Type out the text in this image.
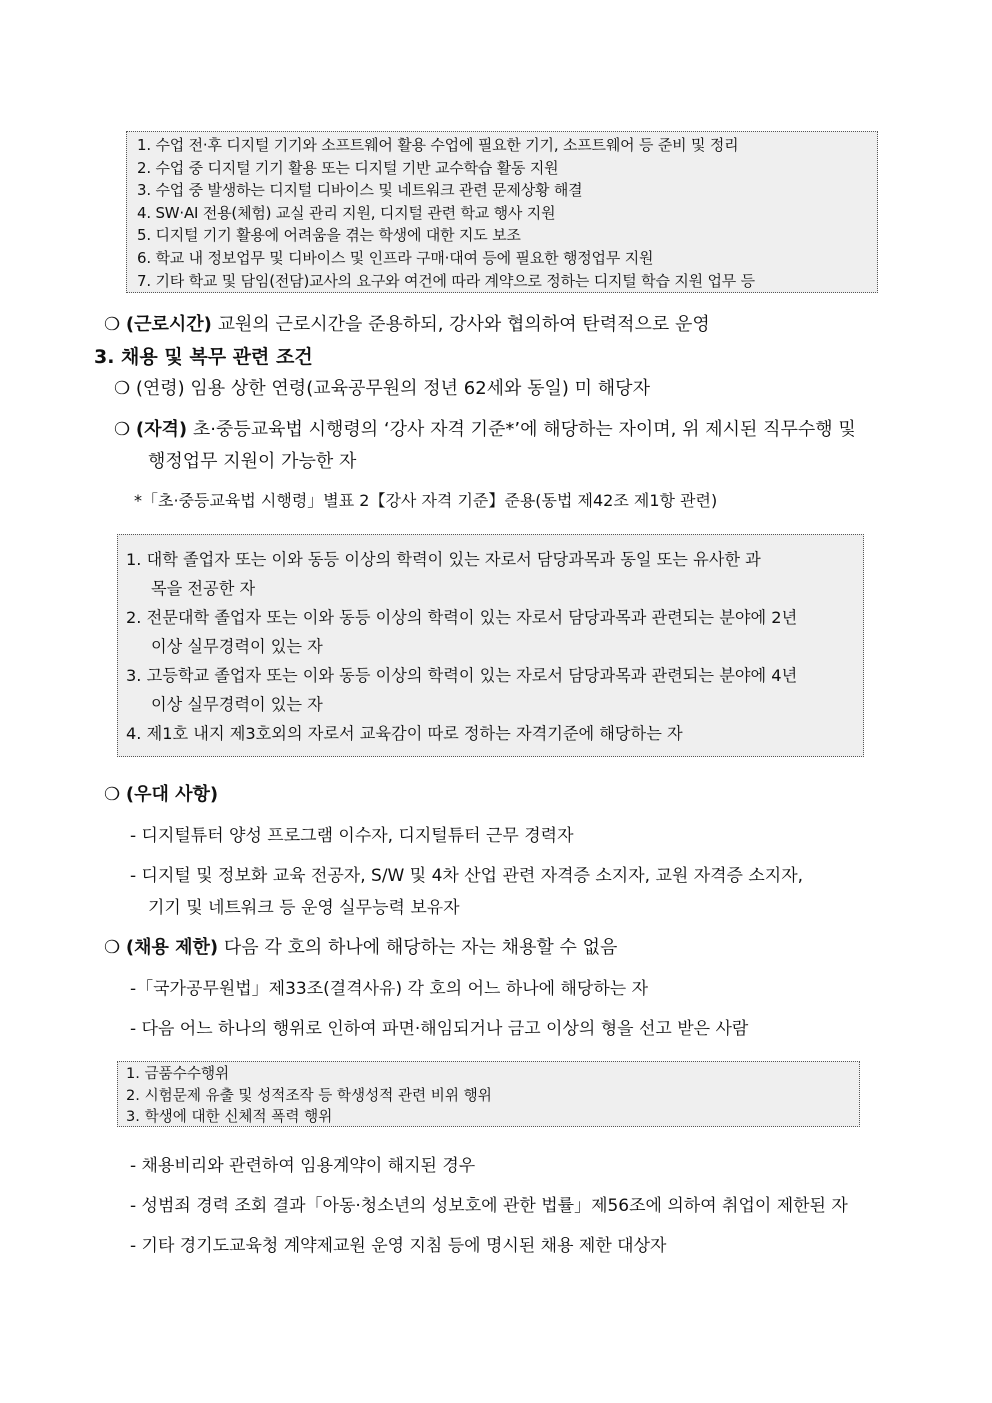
1. 수업 전·후 디지털 기기와 소프트웨어 활용 수업에 필요한 기기, 소프트웨어 등 준비 및 정리
2. 수업 중 디지털 기기 활용 또는 디지털 기반 교수학습 활동 지원
3. 수업 중 발생하는 디지털 디바이스 및 네트워크 관련 문제상황 해결
4. SW·AI 전용(체험) 교실 관리 지원, 디지털 관련 학교 행사 지원
5. 디지털 기기 활용에 어려움을 겪는 학생에 대한 지도 보조
6. 학교 내 정보업무 및 디바이스 및 인프라 구매·대여 등에 필요한 행정업무 지원
7. 기타 학교 및 담임(전담)교사의 요구와 여건에 따라 계약으로 정하는 디지털 학습 지원 업무 등
❍ (근로시간) 교원의 근로시간을 준용하되, 강사와 협의하여 탄력적으로 운영
3. 채용 및 복무 관련 조건
❍ (연령) 임용 상한 연령(교육공무원의 정년 62세와 동일) 미 해당자
❍ (자격) 초·중등교육법 시행령의 ‘강사 자격 기준*’에 해당하는 자이며, 위 제시된 직무수행 및
행정업무 지원이 가능한 자
*「초·중등교육법 시행령」별표 2【강사 자격 기준】준용(동법 제42조 제1항 관련)
1. 대학 졸업자 또는 이와 동등 이상의 학력이 있는 자로서 담당과목과 동일 또는 유사한 과
목을 전공한 자
2. 전문대학 졸업자 또는 이와 동등 이상의 학력이 있는 자로서 담당과목과 관련되는 분야에 2년
이상 실무경력이 있는 자
3. 고등학교 졸업자 또는 이와 동등 이상의 학력이 있는 자로서 담당과목과 관련되는 분야에 4년
이상 실무경력이 있는 자
4. 제1호 내지 제3호외의 자로서 교육감이 따로 정하는 자격기준에 해당하는 자
❍ (우대 사항)
- 디지털튜터 양성 프로그램 이수자, 디지털튜터 근무 경력자
- 디지털 및 정보화 교육 전공자, S/W 및 4차 산업 관련 자격증 소지자, 교원 자격증 소지자,
기기 및 네트워크 등 운영 실무능력 보유자
❍ (채용 제한) 다음 각 호의 하나에 해당하는 자는 채용할 수 없음
-「국가공무원법」제33조(결격사유) 각 호의 어느 하나에 해당하는 자
- 다음 어느 하나의 행위로 인하여 파면·해임되거나 금고 이상의 형을 선고 받은 사람
1. 금품수수행위
2. 시험문제 유출 및 성적조작 등 학생성적 관련 비위 행위
3. 학생에 대한 신체적 폭력 행위
- 채용비리와 관련하여 임용계약이 해지된 경우
- 성범죄 경력 조회 결과「아동·청소년의 성보호에 관한 법률」제56조에 의하여 취업이 제한된 자
- 기타 경기도교육청 계약제교원 운영 지침 등에 명시된 채용 제한 대상자
